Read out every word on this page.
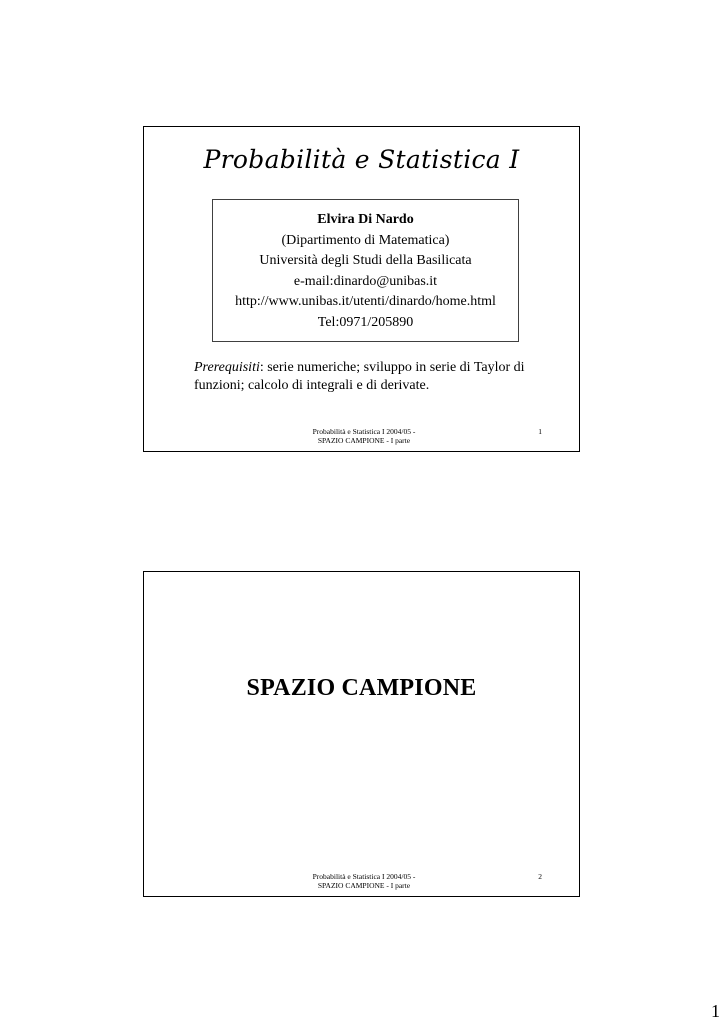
Probabilità e Statistica I
Elvira Di Nardo
(Dipartimento di Matematica)
Università degli Studi della Basilicata
e-mail:dinardo@unibas.it
http://www.unibas.it/utenti/dinardo/home.html
Tel:0971/205890
Prerequisiti: serie numeriche; sviluppo in serie di Taylor di funzioni; calcolo di integrali e di derivate.
Probabilità e Statistica I 2004/05 -
SPAZIO CAMPIONE - I parte
1
SPAZIO CAMPIONE
Probabilità e Statistica I 2004/05 -
SPAZIO CAMPIONE - I parte
2
1
